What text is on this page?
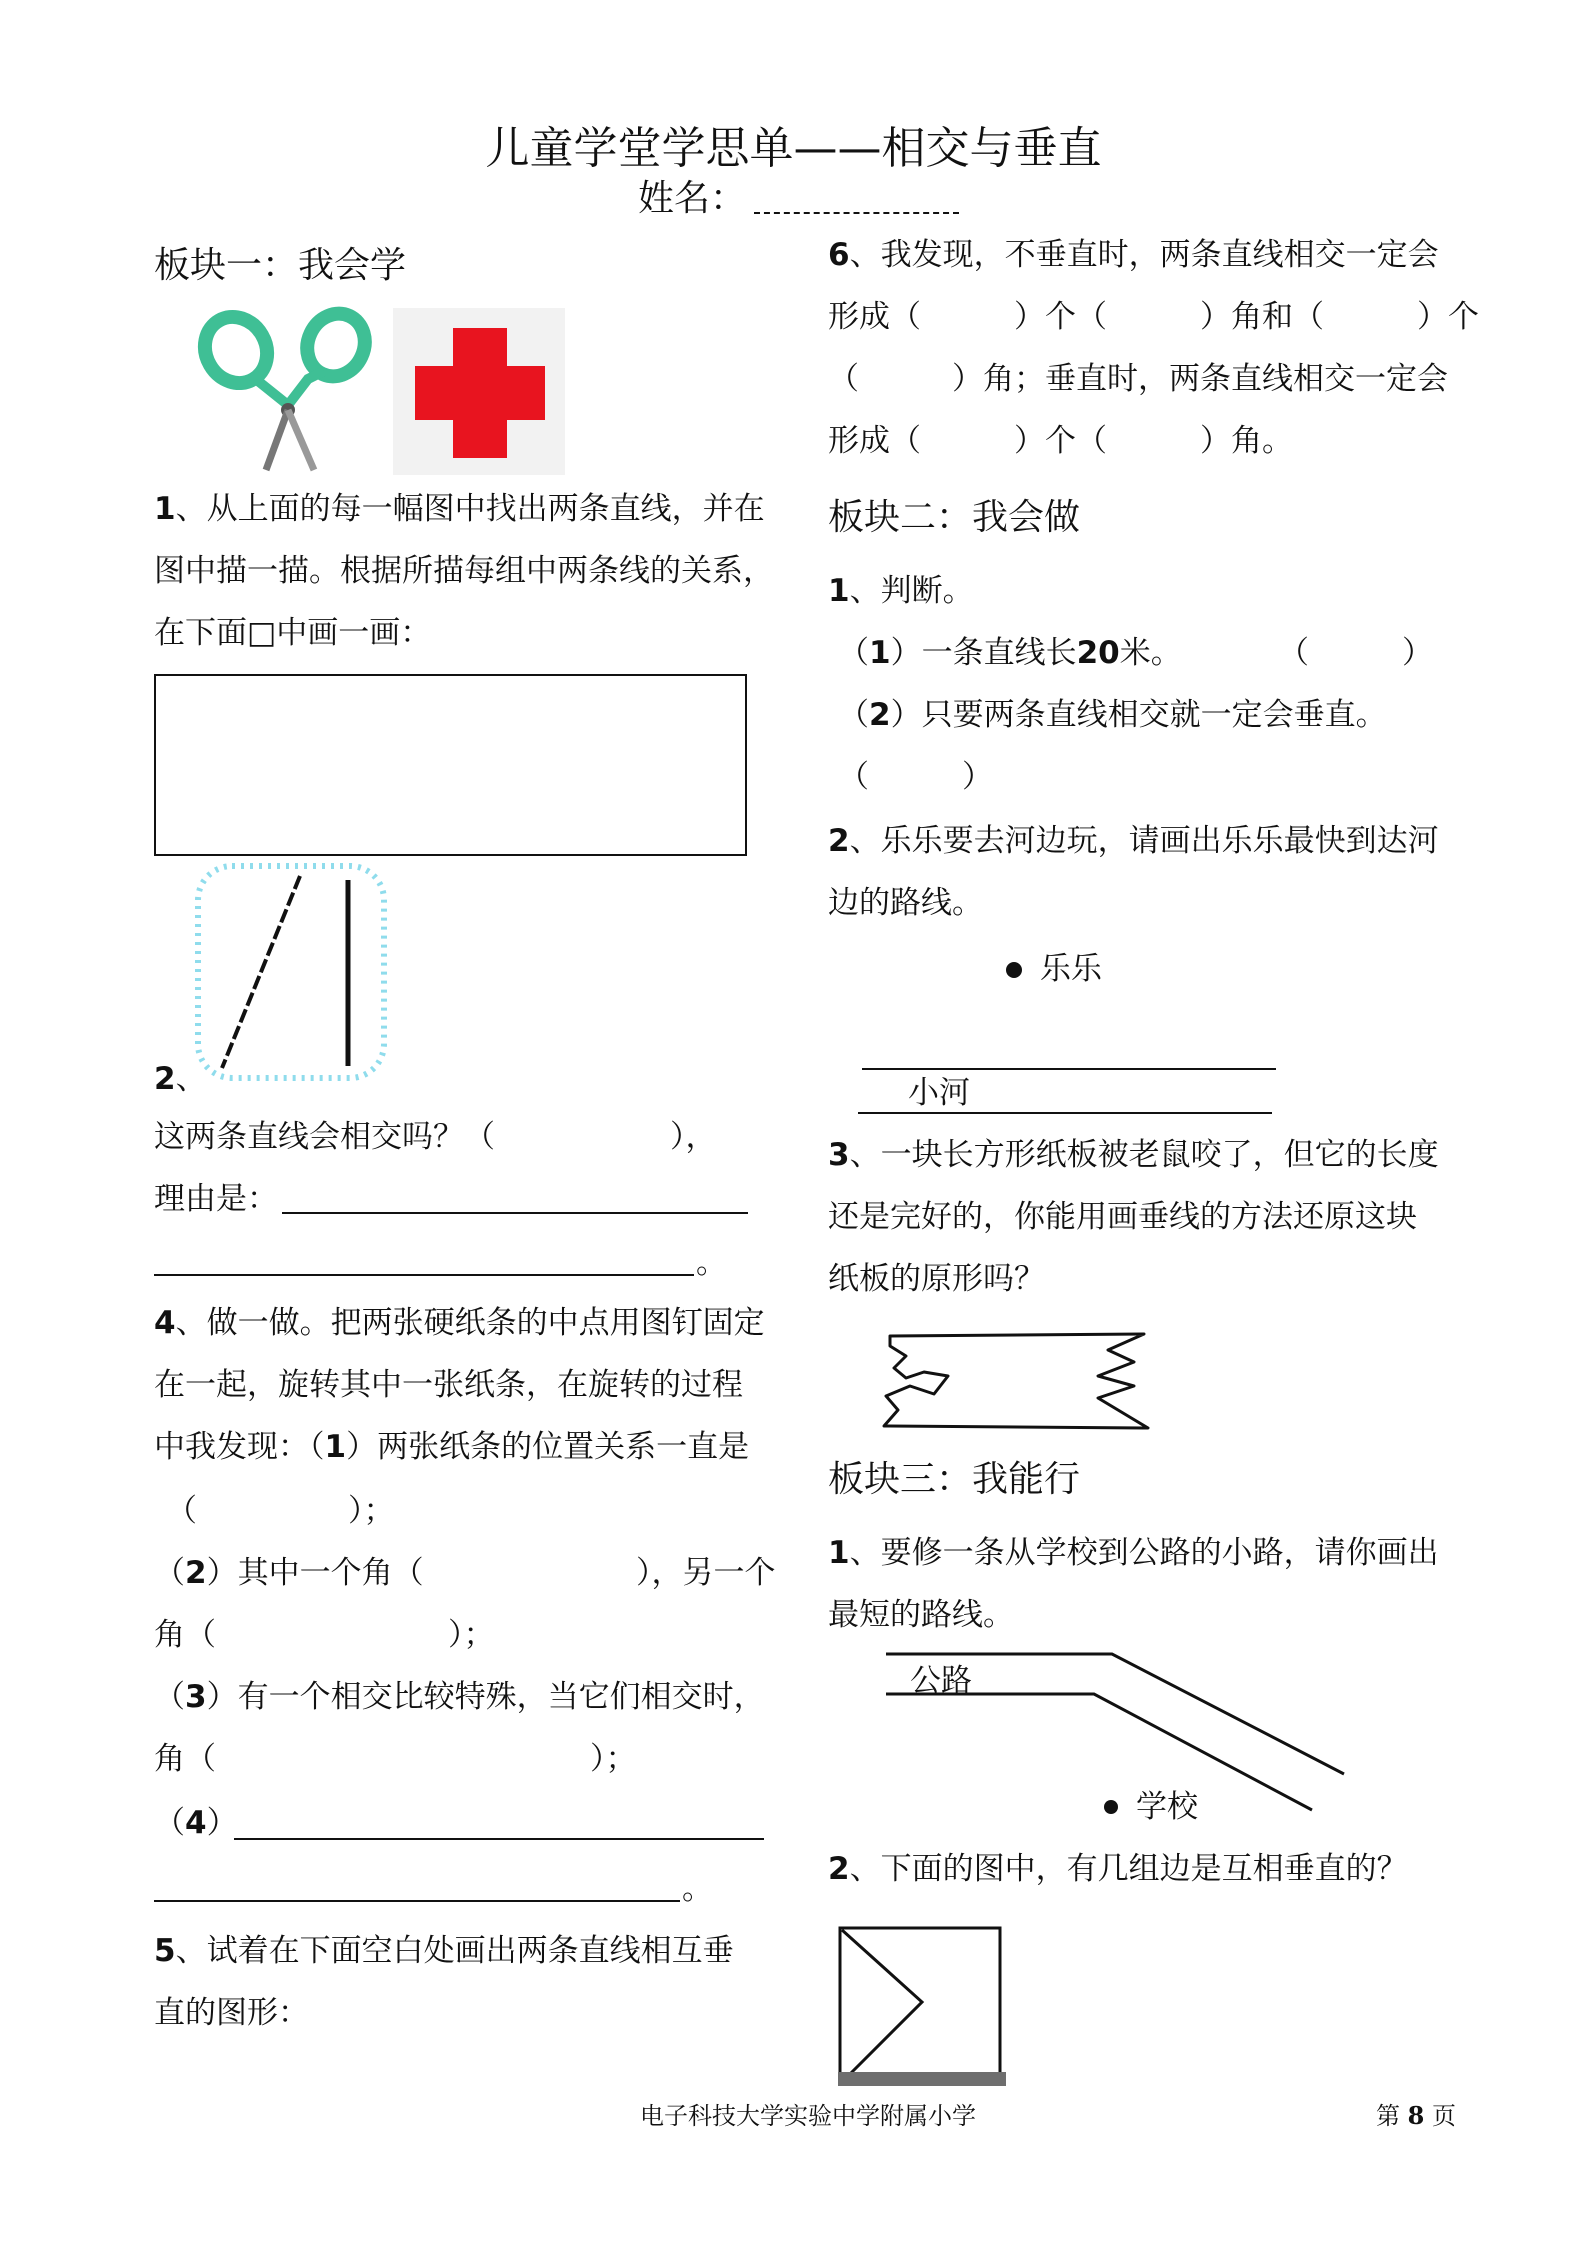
儿童学堂学思单——相交与垂直
姓名：
板块一：我会学
1、从上面的每一幅图中找出两条直线，并在
图中描一描。根据所描每组中两条线的关系，
在下面□中画一画：
2、
这两条直线会相交吗？（	），
理由是：
。
4、做一做。把两张硬纸条的中点用图钉固定
在一起，旋转其中一张纸条，在旋转的过程
中我发现：（1）两张纸条的位置关系一直是
（	）；
（2）其中一个角（	），另一个
角（	）；
（3）有一个相交比较特殊，当它们相交时，
角（	）；
（4）
。
5、试着在下面空白处画出两条直线相互垂
直的图形：
6、我发现，不垂直时，两条直线相交一定会
形成（　　　）个（　　　）角和（　　　）个
（　　　）角；垂直时，两条直线相交一定会
形成（　　　）个（　　　）角。
板块二：我会做
1、判断。
（1）一条直线长20米。	（　　　）
（2）只要两条直线相交就一定会垂直。
（　　　）
2、乐乐要去河边玩，请画出乐乐最快到达河
边的路线。
乐乐
小河
3、一块长方形纸板被老鼠咬了，但它的长度
还是完好的，你能用画垂线的方法还原这块
纸板的原形吗？
板块三：我能行
1、要修一条从学校到公路的小路，请你画出
最短的路线。
公路
学校
2、下面的图中，有几组边是互相垂直的？
电子科技大学实验中学附属小学	第 8 页
